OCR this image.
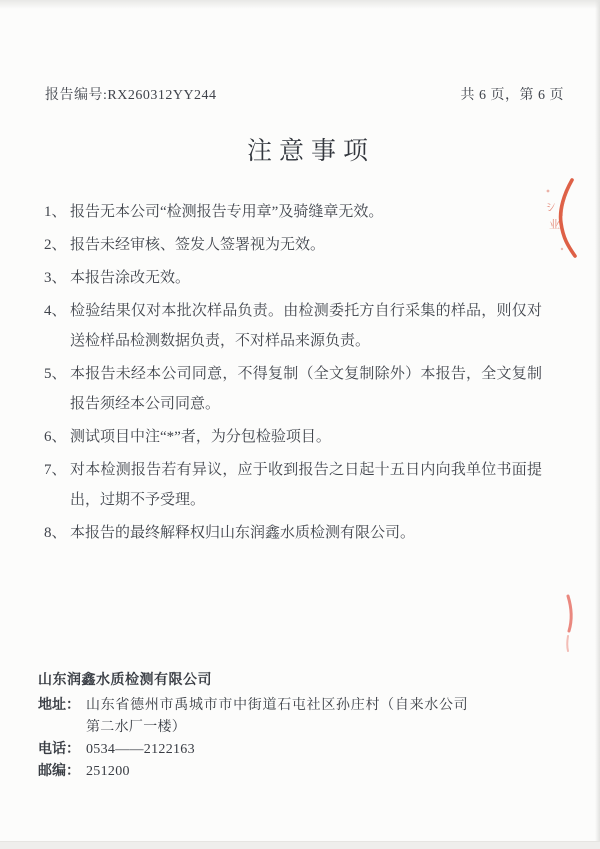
报告编号:RX260312YY244	共 6 页，第 6 页
注意事项
シ
业
1、 报告无本公司“检测报告专用章”及骑缝章无效。
2、 报告未经审核、签发人签署视为无效。
3、 本报告涂改无效。
4、 检验结果仅对本批次样品负责。由检测委托方自行采集的样品，则仅对送检样品检测数据负责，不对样品来源负责。
5、 本报告未经本公司同意，不得复制（全文复制除外）本报告，全文复制报告须经本公司同意。
6、 测试项目中注“*”者，为分包检验项目。
7、 对本检测报告若有异议，应于收到报告之日起十五日内向我单位书面提出，过期不予受理。
8、 本报告的最终解释权归山东润鑫水质检测有限公司。
山东润鑫水质检测有限公司
地址： 山东省德州市禹城市市中街道石屯社区孙庄村（自来水公司第二水厂一楼）
电话： 0534——2122163
邮编： 251200
